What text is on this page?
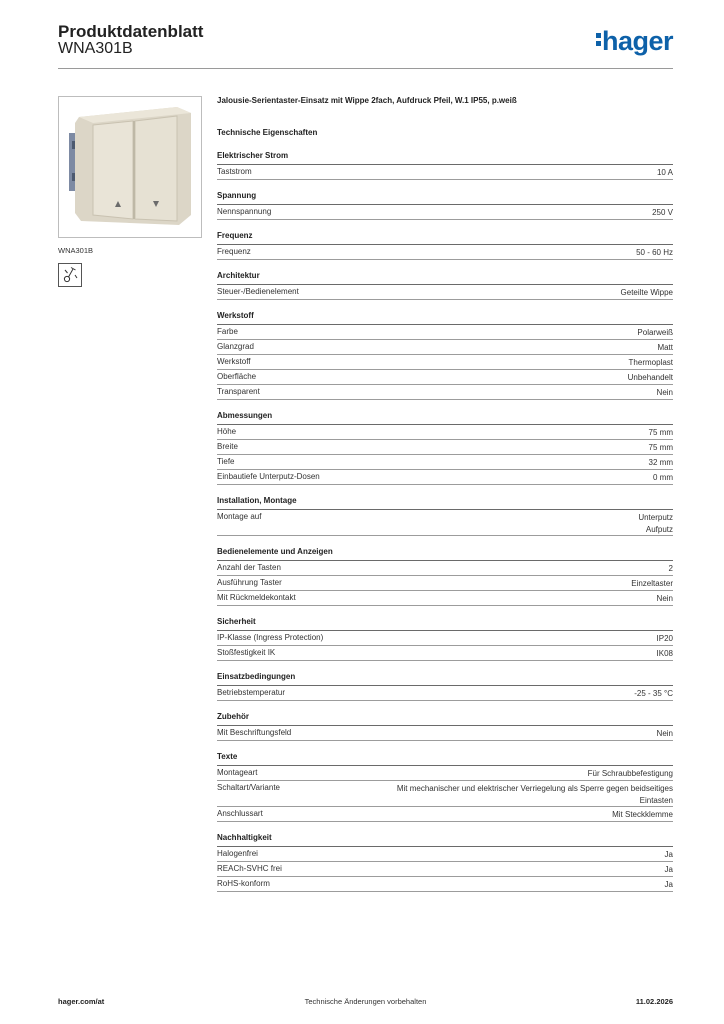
Produktdatenblatt
WNA301B	hager
WNA301B
Jalousie-Serientaster-Einsatz mit Wippe 2fach, Aufdruck Pfeil, W.1 IP55, p.weiß
Technische Eigenschaften
Elektrischer Strom
Taststrom	10 A
Spannung
Nennspannung	250 V
Frequenz
Frequenz	50 - 60 Hz
Architektur
Steuer-/Bedienelement	Geteilte Wippe
Werkstoff
Farbe	Polarweiß
Glanzgrad	Matt
Werkstoff	Thermoplast
Oberfläche	Unbehandelt
Transparent	Nein
Abmessungen
Höhe	75 mm
Breite	75 mm
Tiefe	32 mm
Einbautiefe Unterputz-Dosen	0 mm
Installation, Montage
Montage auf	Unterputz
Aufputz
Bedienelemente und Anzeigen
Anzahl der Tasten	2
Ausführung Taster	Einzeltaster
Mit Rückmeldekontakt	Nein
Sicherheit
IP-Klasse (Ingress Protection)	IP20
Stoßfestigkeit IK	IK08
Einsatzbedingungen
Betriebstemperatur	-25 - 35 °C
Zubehör
Mit Beschriftungsfeld	Nein
Texte
Montageart	Für Schraubbefestigung
Schaltart/Variante	Mit mechanischer und elektrischer Verriegelung als Sperre gegen beidseitiges Eintasten
Anschlussart	Mit Steckklemme
Nachhaltigkeit
Halogenfrei	Ja
REACh-SVHC frei	Ja
RoHS-konform	Ja
hager.com/at	Technische Änderungen vorbehalten	11.02.2026
